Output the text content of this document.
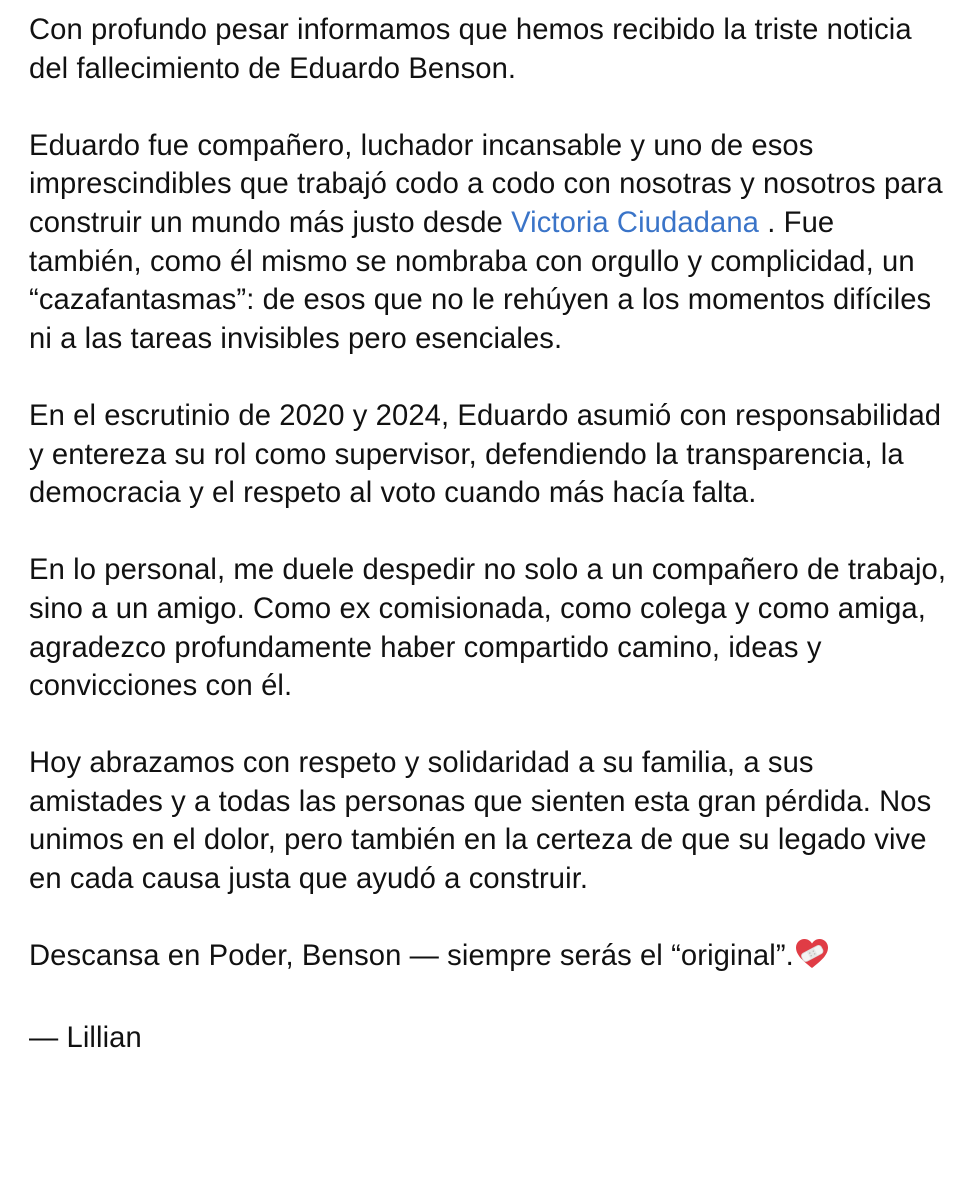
Con profundo pesar informamos que hemos recibido la triste noticia del fallecimiento de Eduardo Benson.

Eduardo fue compañero, luchador incansable y uno de esos imprescindibles que trabajó codo a codo con nosotras y nosotros para construir un mundo más justo desde Victoria Ciudadana . Fue también, como él mismo se nombraba con orgullo y complicidad, un “cazafantasmas”: de esos que no le rehúyen a los momentos difíciles ni a las tareas invisibles pero esenciales.

En el escrutinio de 2020 y 2024, Eduardo asumió con responsabilidad y entereza su rol como supervisor, defendiendo la transparencia, la democracia y el respeto al voto cuando más hacía falta.

En lo personal, me duele despedir no solo a un compañero de trabajo, sino a un amigo. Como ex comisionada, como colega y como amiga, agradezco profundamente haber compartido camino, ideas y convicciones con él.

Hoy abrazamos con respeto y solidaridad a su familia, a sus amistades y a todas las personas que sienten esta gran pérdida. Nos unimos en el dolor, pero también en la certeza de que su legado vive en cada causa justa que ayudó a construir.

Descansa en Poder, Benson — siempre serás el “original”.

— Lillian
